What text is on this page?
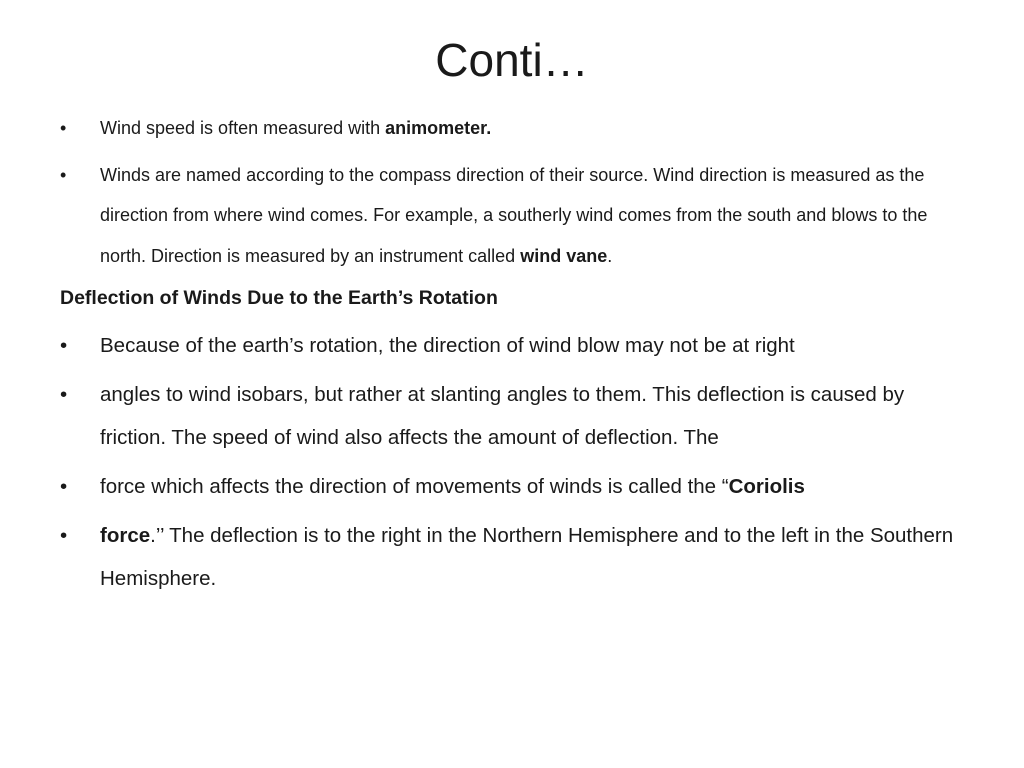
Conti…
•	Wind speed is often measured with animometer.
•	Winds are named according to the compass direction of their source. Wind direction is measured as the direction from where wind comes. For example, a southerly wind comes from the south and blows to the north. Direction is measured by an instrument called wind vane.
Deflection of Winds Due to the Earth’s Rotation
•	Because of the earth’s rotation, the direction of wind blow may not be at right
•	angles to wind isobars, but rather at slanting angles to them. This deflection is caused by friction. The speed of wind also affects the amount of deflection. The
•	force which affects the direction of movements of winds is called the “Coriolis
•	force.’’ The deflection is to the right in the Northern Hemisphere and to the left in the Southern Hemisphere.
